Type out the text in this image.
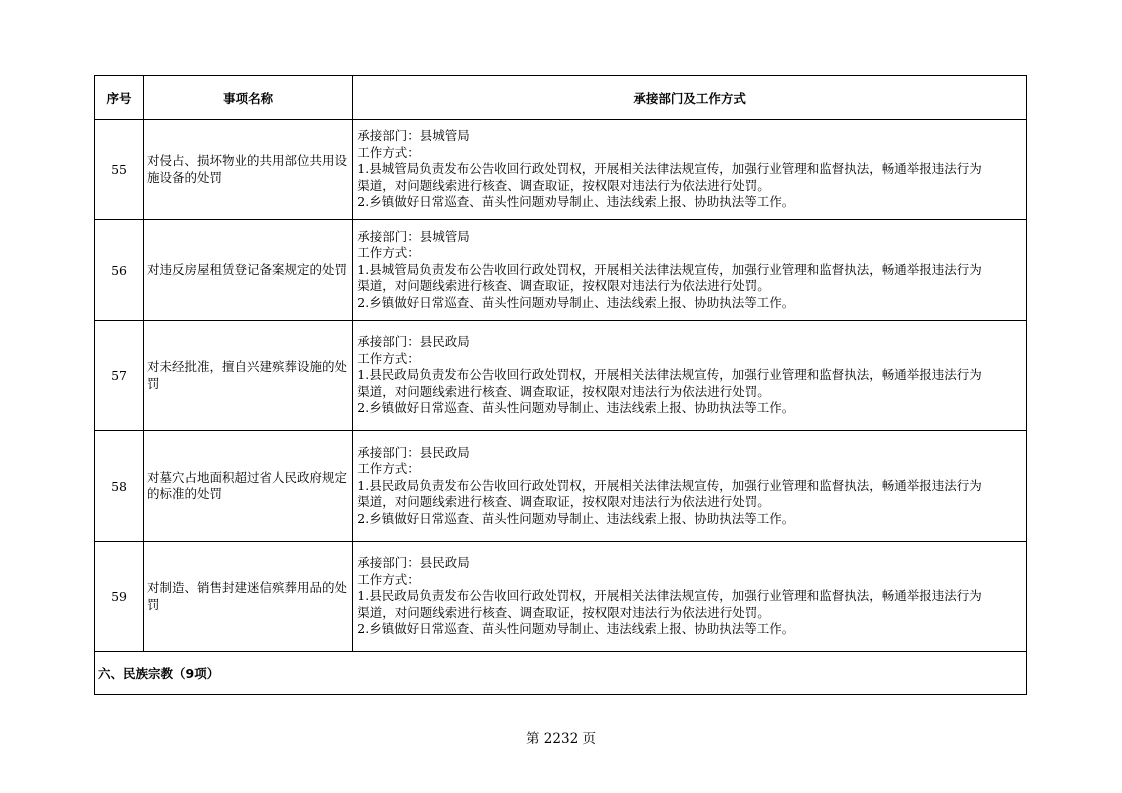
序号	事项名称	承接部门及工作方式
55	对侵占、损坏物业的共用部位共用设施设备的处罚	承接部门：县城管局
工作方式：
1.县城管局负责发布公告收回行政处罚权，开展相关法律法规宣传，加强行业管理和监督执法，畅通举报违法行为
渠道，对问题线索进行核查、调查取证，按权限对违法行为依法进行处罚。
2.乡镇做好日常巡查、苗头性问题劝导制止、违法线索上报、协助执法等工作。

56	对违反房屋租赁登记备案规定的处罚	承接部门：县城管局
工作方式：
1.县城管局负责发布公告收回行政处罚权，开展相关法律法规宣传，加强行业管理和监督执法，畅通举报违法行为
渠道，对问题线索进行核查、调查取证，按权限对违法行为依法进行处罚。
2.乡镇做好日常巡查、苗头性问题劝导制止、违法线索上报、协助执法等工作。

57	对未经批准，擅自兴建殡葬设施的处罚	承接部门：县民政局
工作方式：
1.县民政局负责发布公告收回行政处罚权，开展相关法律法规宣传，加强行业管理和监督执法，畅通举报违法行为
渠道，对问题线索进行核查、调查取证，按权限对违法行为依法进行处罚。
2.乡镇做好日常巡查、苗头性问题劝导制止、违法线索上报、协助执法等工作。

58	对墓穴占地面积超过省人民政府规定的标准的处罚	承接部门：县民政局
工作方式：
1.县民政局负责发布公告收回行政处罚权，开展相关法律法规宣传，加强行业管理和监督执法，畅通举报违法行为
渠道，对问题线索进行核查、调查取证，按权限对违法行为依法进行处罚。
2.乡镇做好日常巡查、苗头性问题劝导制止、违法线索上报、协助执法等工作。

59	对制造、销售封建迷信殡葬用品的处罚	承接部门：县民政局
工作方式：
1.县民政局负责发布公告收回行政处罚权，开展相关法律法规宣传，加强行业管理和监督执法，畅通举报违法行为
渠道，对问题线索进行核查、调查取证，按权限对违法行为依法进行处罚。
2.乡镇做好日常巡查、苗头性问题劝导制止、违法线索上报、协助执法等工作。

六、民族宗教（9项）		
第 2232 页
